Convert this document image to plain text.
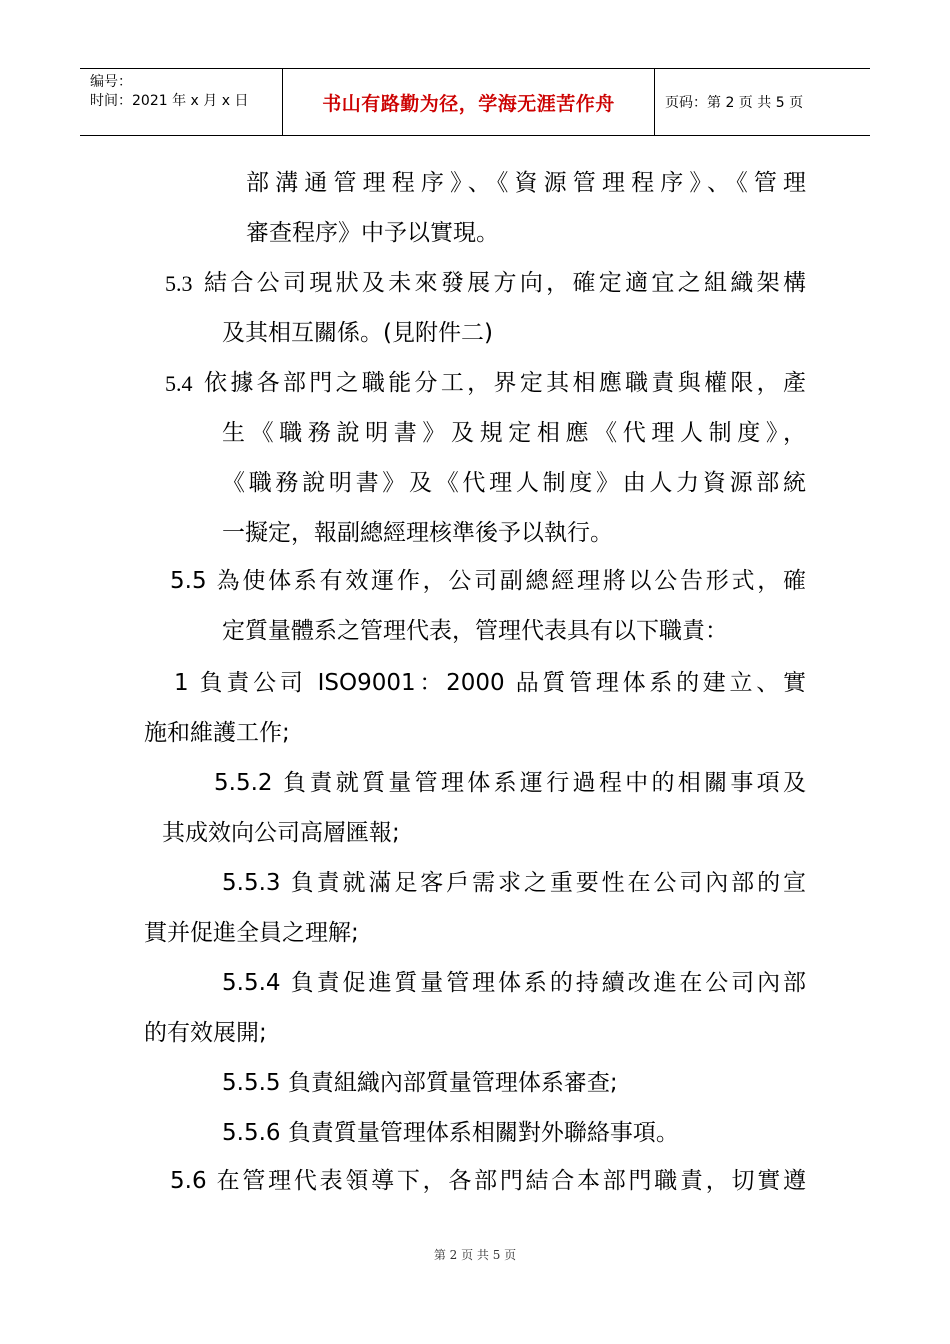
编号：
时间：2021 年 x 月 x 日	书山有路勤为径，学海无涯苦作舟	页码：第 2 页 共 5 页
部溝通管理程序》、《資源管理程序》、《管理
審查程序》中予以實現。
5.3 結合公司現狀及未來發展方向，確定適宜之組織架構
及其相互關係。(見附件二)
5.4 依據各部門之職能分工，界定其相應職責與權限，產
生《職務說明書》及規定相應《代理人制度》，
《職務說明書》及《代理人制度》由人力資源部統
一擬定，報副總經理核準後予以執行。
5.5 為使体系有效運作，公司副總經理將以公告形式，確
定質量體系之管理代表，管理代表具有以下職責：
1 負責公司 ISO9001：2000 品質管理体系的建立、實
施和維護工作;
5.5.2 負責就質量管理体系運行過程中的相關事項及
其成效向公司高層匯報;
5.5.3 負責就滿足客戶需求之重要性在公司內部的宣
貫并促進全員之理解;
5.5.4 負責促進質量管理体系的持續改進在公司內部
的有效展開;
5.5.5 負責組織內部質量管理体系審查;
5.5.6 負責質量管理体系相關對外聯絡事項。
5.6 在管理代表領導下，各部門結合本部門職責，切實遵
第 2 页 共 5 页
